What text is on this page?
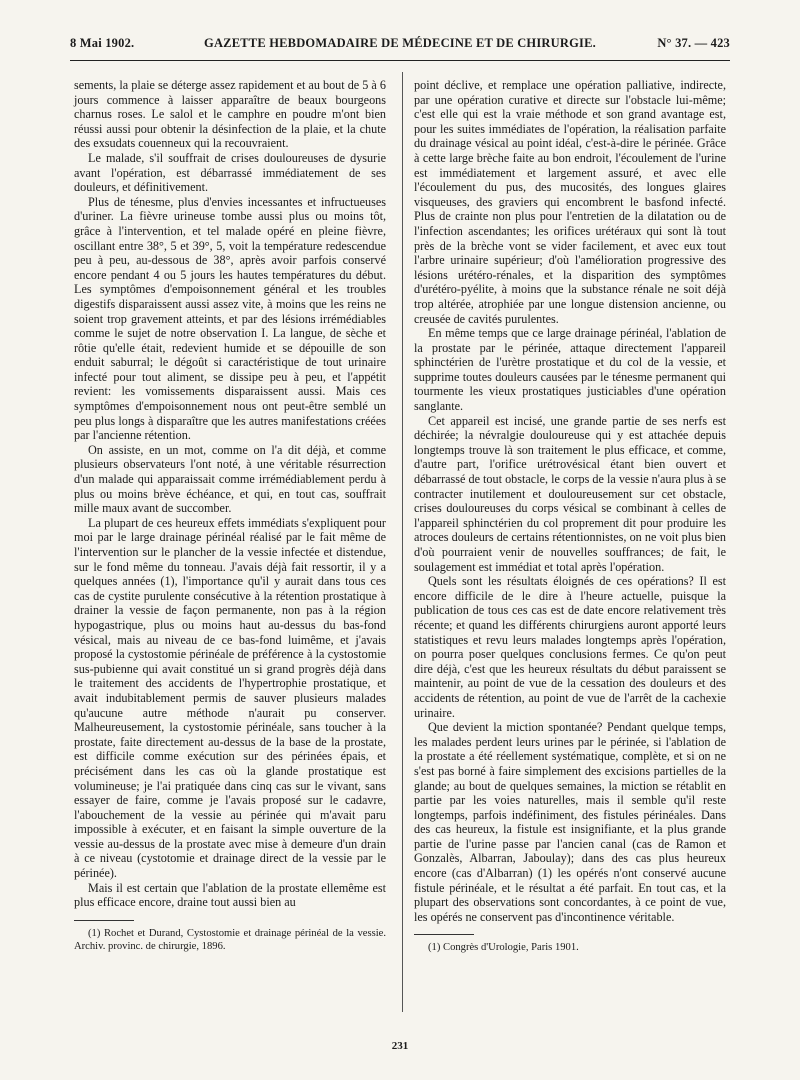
8 Mai 1902.	GAZETTE HEBDOMADAIRE DE MÉDECINE ET DE CHIRURGIE.	N° 37. — 423

sements, la plaie se déterge assez rapidement et au bout de 5 à 6 jours commence à laisser apparaître de beaux bourgeons charnus roses. Le salol et le camphre en poudre m'ont bien réussi aussi pour obtenir la désinfection de la plaie, et la chute des exsudats couenneux qui la recouvraient.

Le malade, s'il souffrait de crises douloureuses de dysurie avant l'opération, est débarrassé immédiatement de ses douleurs, et définitivement.

Plus de ténesme, plus d'envies incessantes et infructueuses d'uriner. La fièvre urineuse tombe aussi plus ou moins tôt, grâce à l'intervention, et tel malade opéré en pleine fièvre, oscillant entre 38°, 5 et 39°, 5, voit la température redescendue peu à peu, au-dessous de 38°, après avoir parfois conservé encore pendant 4 ou 5 jours les hautes températures du début. Les symptômes d'empoisonnement général et les troubles digestifs disparaissent aussi assez vite, à moins que les reins ne soient trop gravement atteints, et par des lésions irrémédiables comme le sujet de notre observation I. La langue, de sèche et rôtie qu'elle était, redevient humide et se dépouille de son enduit saburral; le dégoût si caractéristique de tout urinaire infecté pour tout aliment, se dissipe peu à peu, et l'appétit revient: les vomissements disparaissent aussi. Mais ces symptômes d'empoisonnement nous ont peut-être semblé un peu plus longs à disparaître que les autres manifestations créées par l'ancienne rétention.

On assiste, en un mot, comme on l'a dit déjà, et comme plusieurs observateurs l'ont noté, à une véritable résurrection d'un malade qui apparaissait comme irrémédiablement perdu à plus ou moins brève échéance, et qui, en tout cas, souffrait mille maux avant de succomber.

La plupart de ces heureux effets immédiats s'expliquent pour moi par le large drainage périnéal réalisé par le fait même de l'intervention sur le plancher de la vessie infectée et distendue, sur le fond même du tonneau. J'avais déjà fait ressortir, il y a quelques années (1), l'importance qu'il y aurait dans tous ces cas de cystite purulente consécutive à la rétention prostatique à drainer la vessie de façon permanente, non pas à la région hypogastrique, plus ou moins haut au-dessus du bas-fond vésical, mais au niveau de ce bas-fond luimême, et j'avais proposé la cystostomie périnéale de préférence à la cystostomie sus-pubienne qui avait constitué un si grand progrès déjà dans le traitement des accidents de l'hypertrophie prostatique, et avait indubitablement permis de sauver plusieurs malades qu'aucune autre méthode n'aurait pu conserver. Malheureusement, la cystostomie périnéale, sans toucher à la prostate, faite directement au-dessus de la base de la prostate, est difficile comme exécution sur des périnées épais, et précisément dans les cas où la glande prostatique est volumineuse; je l'ai pratiquée dans cinq cas sur le vivant, sans essayer de faire, comme je l'avais proposé sur le cadavre, l'abouchement de la vessie au périnée qui m'avait paru impossible à exécuter, et en faisant la simple ouverture de la vessie au-dessus de la prostate avec mise à demeure d'un drain à ce niveau (cystotomie et drainage direct de la vessie par le périnée).

Mais il est certain que l'ablation de la prostate ellemême est plus efficace encore, draine tout aussi bien au

(1) Rochet et Durand, Cystostomie et drainage périnéal de la vessie. Archiv. provinc. de chirurgie, 1896.

point déclive, et remplace une opération palliative, indirecte, par une opération curative et directe sur l'obstacle lui-même; c'est elle qui est la vraie méthode et son grand avantage est, pour les suites immédiates de l'opération, la réalisation parfaite du drainage vésical au point idéal, c'est-à-dire le périnée. Grâce à cette large brèche faite au bon endroit, l'écoulement de l'urine est immédiatement et largement assuré, et avec elle l'écoulement du pus, des mucosités, des longues glaires visqueuses, des graviers qui encombrent le basfond infecté. Plus de crainte non plus pour l'entretien de la dilatation ou de l'infection ascendantes; les orifices urétéraux qui sont là tout près de la brèche vont se vider facilement, et avec eux tout l'arbre urinaire supérieur; d'où l'amélioration progressive des lésions urétéro-rénales, et la disparition des symptômes d'urétéro-pyélite, à moins que la substance rénale ne soit déjà trop altérée, atrophiée par une longue distension ancienne, ou creusée de cavités purulentes.

En même temps que ce large drainage périnéal, l'ablation de la prostate par le périnée, attaque directement l'appareil sphinctérien de l'urètre prostatique et du col de la vessie, et supprime toutes douleurs causées par le ténesme permanent qui tourmente les vieux prostatiques justiciables d'une opération sanglante.

Cet appareil est incisé, une grande partie de ses nerfs est déchirée; la névralgie douloureuse qui y est attachée depuis longtemps trouve là son traitement le plus efficace, et comme, d'autre part, l'orifice urétrovésical étant bien ouvert et débarrassé de tout obstacle, le corps de la vessie n'aura plus à se contracter inutilement et douloureusement sur cet obstacle, crises douloureuses du corps vésical se combinant à celles de l'appareil sphinctérien du col proprement dit pour produire les atroces douleurs de certains rétentionnistes, on ne voit plus bien d'où pourraient venir de nouvelles souffrances; de fait, le soulagement est immédiat et total après l'opération.

Quels sont les résultats éloignés de ces opérations? Il est encore difficile de le dire à l'heure actuelle, puisque la publication de tous ces cas est de date encore relativement très récente; et quand les différents chirurgiens auront apporté leurs statistiques et revu leurs malades longtemps après l'opération, on pourra poser quelques conclusions fermes. Ce qu'on peut dire déjà, c'est que les heureux résultats du début paraissent se maintenir, au point de vue de la cessation des douleurs et des accidents de rétention, au point de vue de l'arrêt de la cachexie urinaire.

Que devient la miction spontanée? Pendant quelque temps, les malades perdent leurs urines par le périnée, si l'ablation de la prostate a été réellement systématique, complète, et si on ne s'est pas borné à faire simplement des excisions partielles de la glande; au bout de quelques semaines, la miction se rétablit en partie par les voies naturelles, mais il semble qu'il reste longtemps, parfois indéfiniment, des fistules périnéales. Dans des cas heureux, la fistule est insignifiante, et la plus grande partie de l'urine passe par l'ancien canal (cas de Ramon et Gonzalès, Albarran, Jaboulay); dans des cas plus heureux encore (cas d'Albarran) (1) les opérés n'ont conservé aucune fistule périnéale, et le résultat a été parfait. En tout cas, et la plupart des observations sont concordantes, à ce point de vue, les opérés ne conservent pas d'incontinence véritable.

(1) Congrès d'Urologie, Paris 1901.

231
